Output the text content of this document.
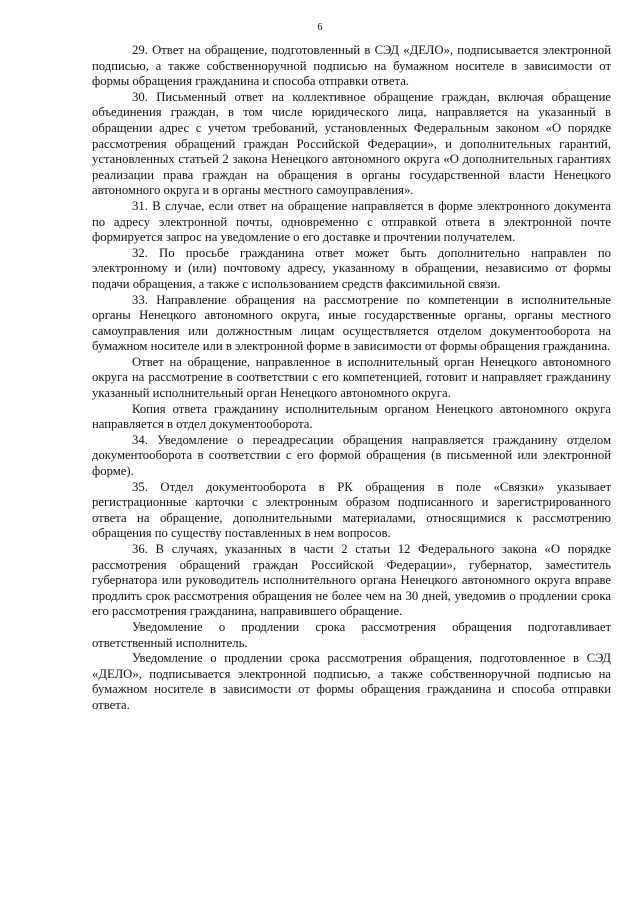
6

29. Ответ на обращение, подготовленный в СЭД «ДЕЛО», подписывается электронной подписью, а также собственноручной подписью на бумажном носителе в зависимости от формы обращения гражданина и способа отправки ответа.

30. Письменный ответ на коллективное обращение граждан, включая обращение объединения граждан, в том числе юридического лица, направляется на указанный в обращении адрес с учетом требований, установленных Федеральным законом «О порядке рассмотрения обращений граждан Российской Федерации», и дополнительных гарантий, установленных статьей 2 закона Ненецкого автономного округа «О дополнительных гарантиях реализации права граждан на обращения в органы государственной власти Ненецкого автономного округа и в органы местного самоуправления».

31. В случае, если ответ на обращение направляется в форме электронного документа по адресу электронной почты, одновременно с отправкой ответа в электронной почте формируется запрос на уведомление о его доставке и прочтении получателем.

32. По просьбе гражданина ответ может быть дополнительно направлен по электронному и (или) почтовому адресу, указанному в обращении, независимо от формы подачи обращения, а также с использованием средств факсимильной связи.

33. Направление обращения на рассмотрение по компетенции в исполнительные органы Ненецкого автономного округа, иные государственные органы, органы местного самоуправления или должностным лицам осуществляется отделом документооборота на бумажном носителе или в электронной форме в зависимости от формы обращения гражданина.

Ответ на обращение, направленное в исполнительный орган Ненецкого автономного округа на рассмотрение в соответствии с его компетенцией, готовит и направляет гражданину указанный исполнительный орган Ненецкого автономного округа.

Копия ответа гражданину исполнительным органом Ненецкого автономного округа направляется в отдел документооборота.

34. Уведомление о переадресации обращения направляется гражданину отделом документооборота в соответствии с его формой обращения (в письменной или электронной форме).

35. Отдел документооборота в РК обращения в поле «Связки» указывает регистрационные карточки с электронным образом подписанного и зарегистрированного ответа на обращение, дополнительными материалами, относящимися к рассмотрению обращения по существу поставленных в нем вопросов.

36. В случаях, указанных в части 2 статьи 12 Федерального закона «О порядке рассмотрения обращений граждан Российской Федерации», губернатор, заместитель губернатора или руководитель исполнительного органа Ненецкого автономного округа вправе продлить срок рассмотрения обращения не более чем на 30 дней, уведомив о продлении срока его рассмотрения гражданина, направившего обращение.

Уведомление о продлении срока рассмотрения обращения подготавливает ответственный исполнитель.

Уведомление о продлении срока рассмотрения обращения, подготовленное в СЭД «ДЕЛО», подписывается электронной подписью, а также собственноручной подписью на бумажном носителе в зависимости от формы обращения гражданина и способа отправки ответа.
